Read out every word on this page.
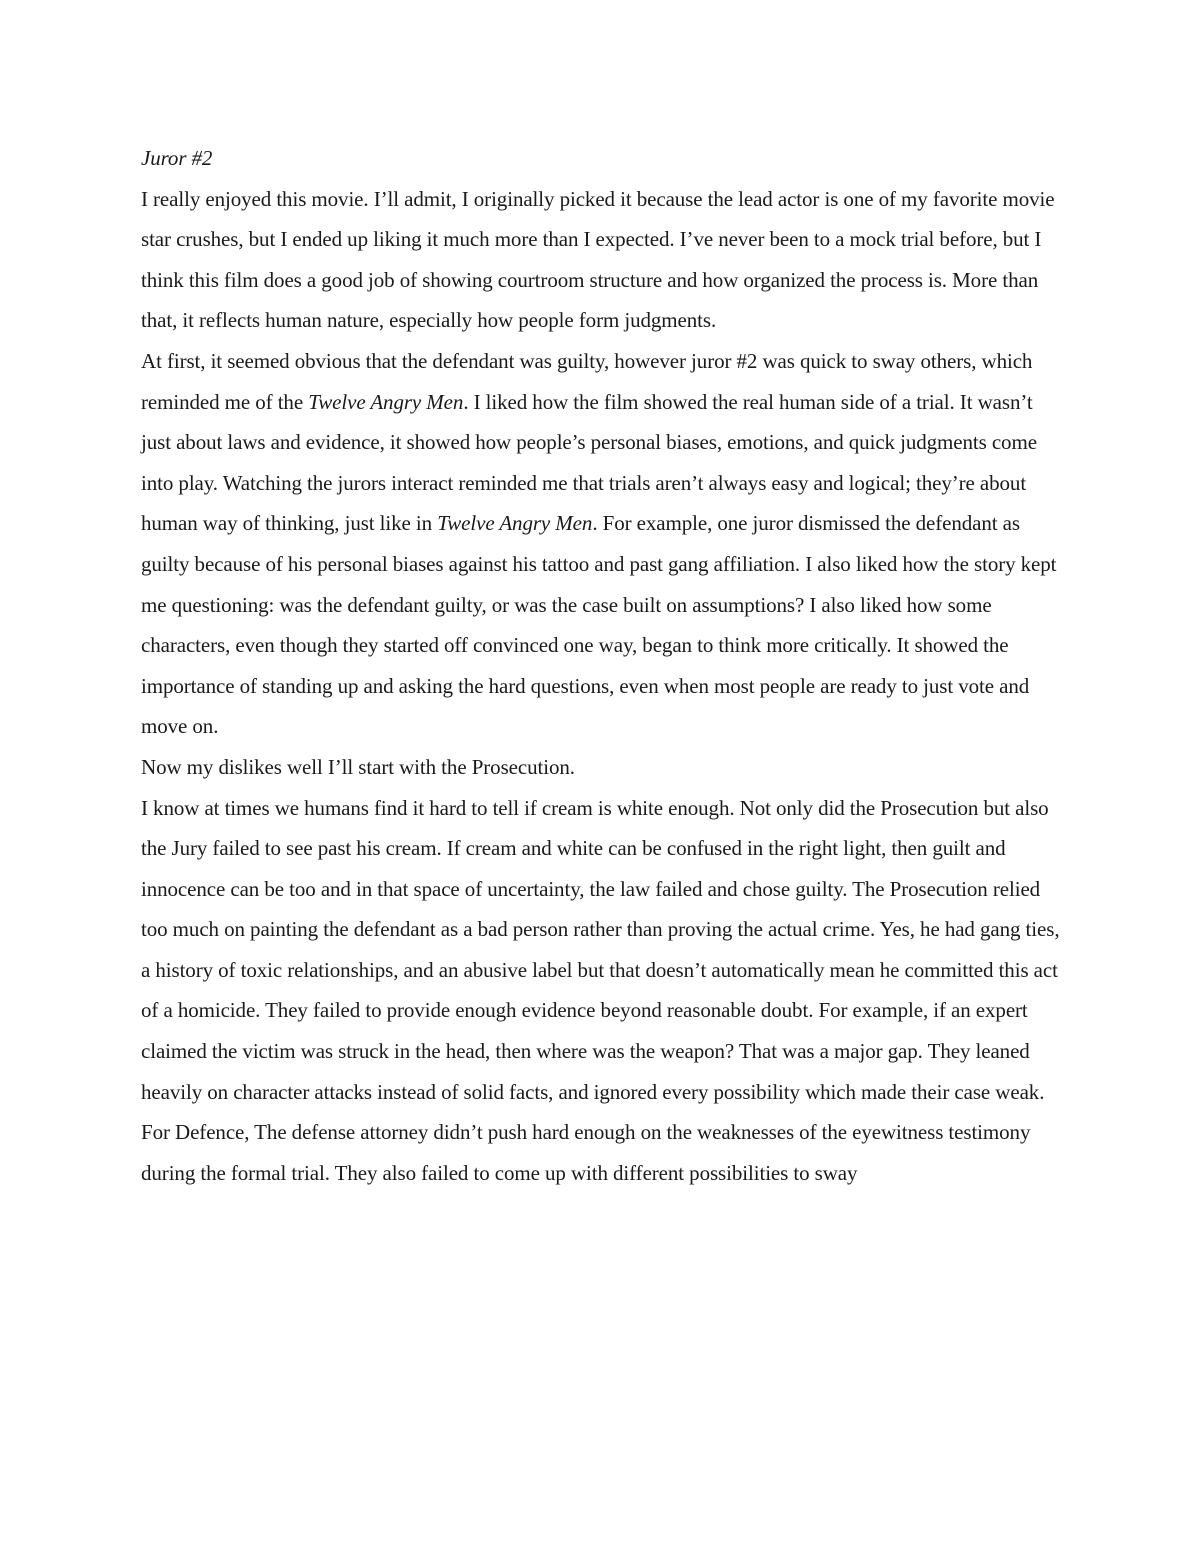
Juror #2

I really enjoyed this movie. I’ll admit, I originally picked it because the lead actor is one of my favorite movie star crushes, but I ended up liking it much more than I expected. I’ve never been to a mock trial before, but I think this film does a good job of showing courtroom structure and how organized the process is. More than that, it reflects human nature, especially how people form judgments.

At first, it seemed obvious that the defendant was guilty, however juror #2 was quick to sway others, which reminded me of the Twelve Angry Men. I liked how the film showed the real human side of a trial. It wasn’t just about laws and evidence, it showed how people’s personal biases, emotions, and quick judgments come into play. Watching the jurors interact reminded me that trials aren’t always easy and logical; they’re about human way of thinking, just like in Twelve Angry Men. For example, one juror dismissed the defendant as guilty because of his personal biases against his tattoo and past gang affiliation. I also liked how the story kept me questioning: was the defendant guilty, or was the case built on assumptions? I also liked how some characters, even though they started off convinced one way, began to think more critically. It showed the importance of standing up and asking the hard questions, even when most people are ready to just vote and move on.

Now my dislikes well I’ll start with the Prosecution.

I know at times we humans find it hard to tell if cream is white enough. Not only did the Prosecution but also the Jury failed to see past his cream. If cream and white can be confused in the right light, then guilt and innocence can be too and in that space of uncertainty, the law failed and chose guilty. The Prosecution relied too much on painting the defendant as a bad person rather than proving the actual crime. Yes, he had gang ties, a history of toxic relationships, and an abusive label but that doesn’t automatically mean he committed this act of a homicide. They failed to provide enough evidence beyond reasonable doubt. For example, if an expert claimed the victim was struck in the head, then where was the weapon? That was a major gap. They leaned heavily on character attacks instead of solid facts, and ignored every possibility which made their case weak.

For Defence, The defense attorney didn’t push hard enough on the weaknesses of the eyewitness testimony during the formal trial. They also failed to come up with different possibilities to sway
